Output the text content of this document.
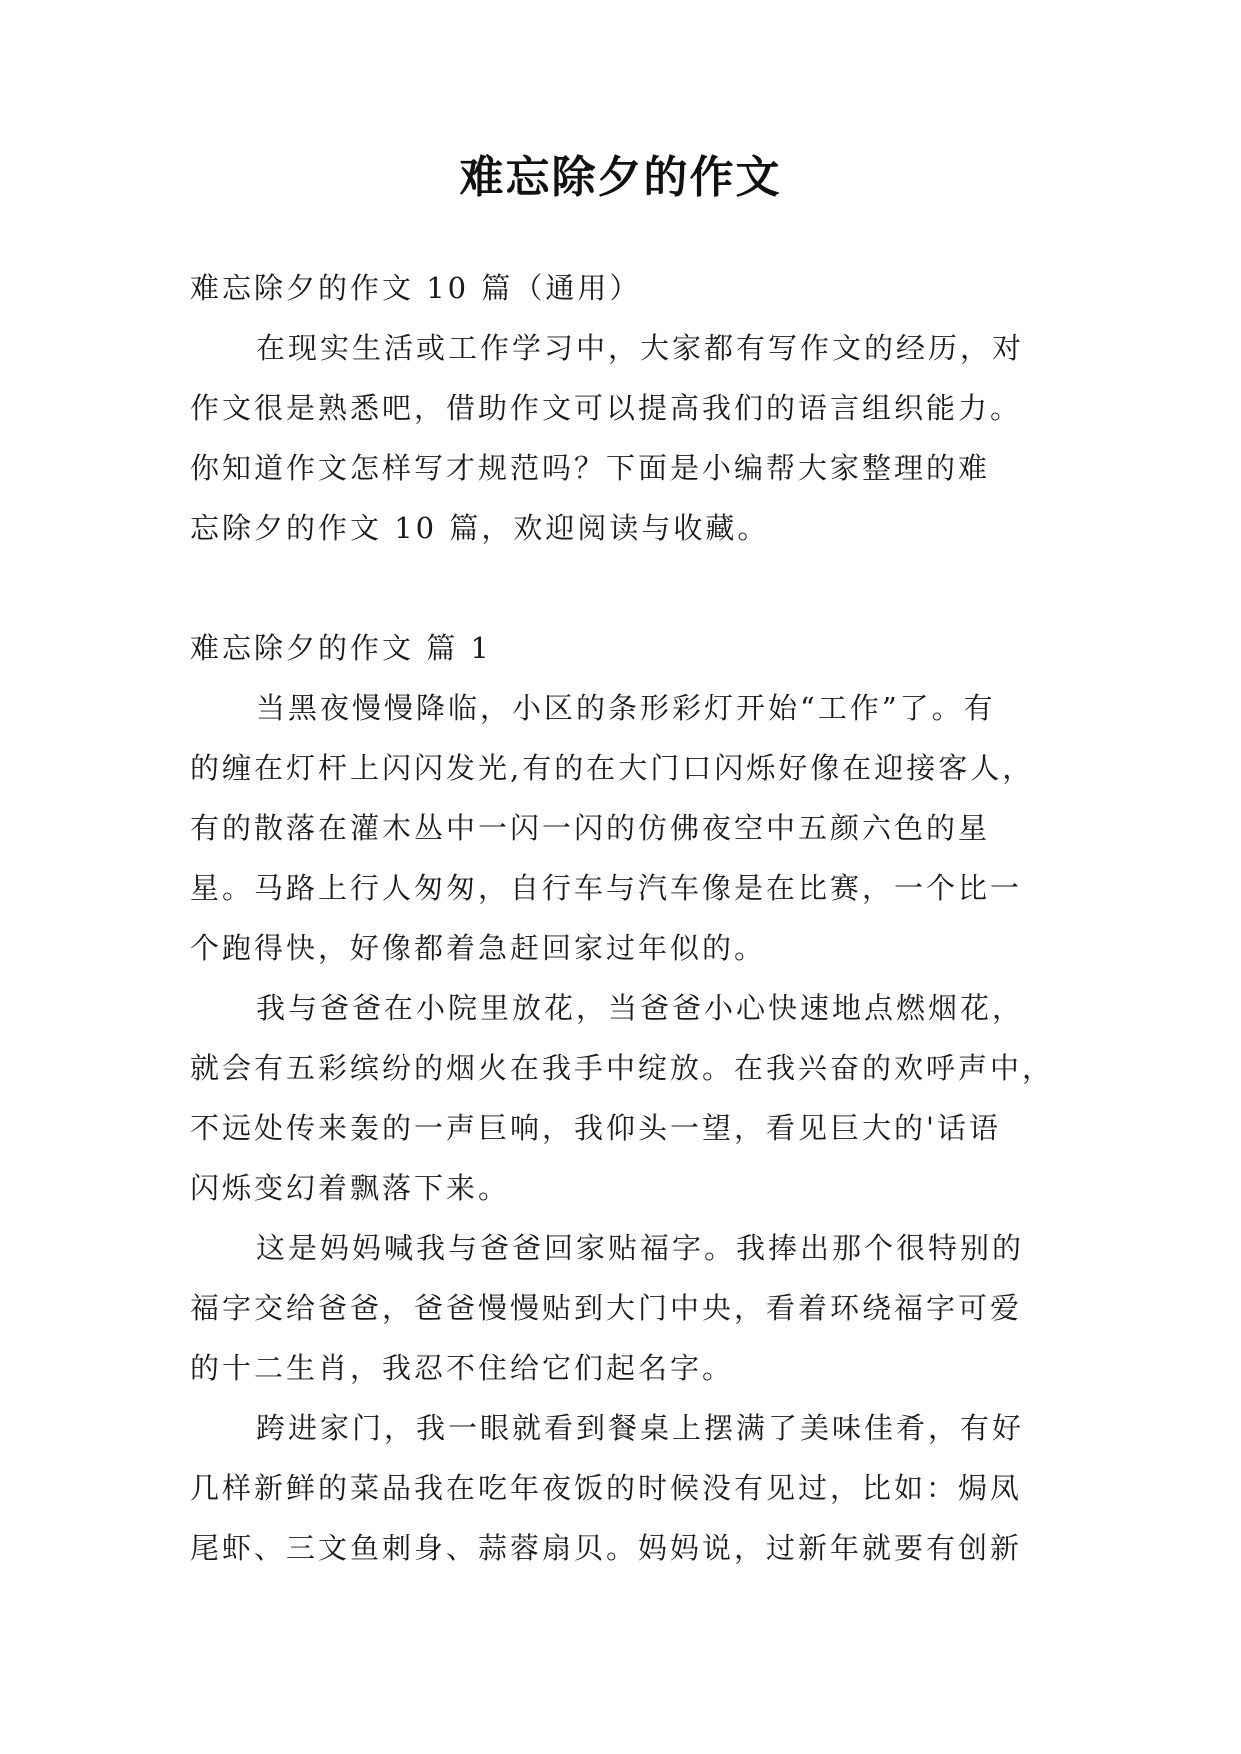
难忘除夕的作文
难忘除夕的作文 10 篇（通用）
在现实生活或工作学习中，大家都有写作文的经历，对
作文很是熟悉吧，借助作文可以提高我们的语言组织能力。
你知道作文怎样写才规范吗？下面是小编帮大家整理的难
忘除夕的作文 10 篇，欢迎阅读与收藏。
难忘除夕的作文 篇 1
当黑夜慢慢降临，小区的条形彩灯开始“工作”了。有
的缠在灯杆上闪闪发光,有的在大门口闪烁好像在迎接客人，
有的散落在灌木丛中一闪一闪的仿佛夜空中五颜六色的星
星。马路上行人匆匆，自行车与汽车像是在比赛，一个比一
个跑得快，好像都着急赶回家过年似的。
我与爸爸在小院里放花，当爸爸小心快速地点燃烟花，
就会有五彩缤纷的烟火在我手中绽放。在我兴奋的欢呼声中，
不远处传来轰的一声巨响，我仰头一望，看见巨大的'话语
闪烁变幻着飘落下来。
这是妈妈喊我与爸爸回家贴福字。我捧出那个很特别的
福字交给爸爸，爸爸慢慢贴到大门中央，看着环绕福字可爱
的十二生肖，我忍不住给它们起名字。
跨进家门，我一眼就看到餐桌上摆满了美味佳肴，有好
几样新鲜的菜品我在吃年夜饭的时候没有见过，比如：焗凤
尾虾、三文鱼刺身、蒜蓉扇贝。妈妈说，过新年就要有创新
